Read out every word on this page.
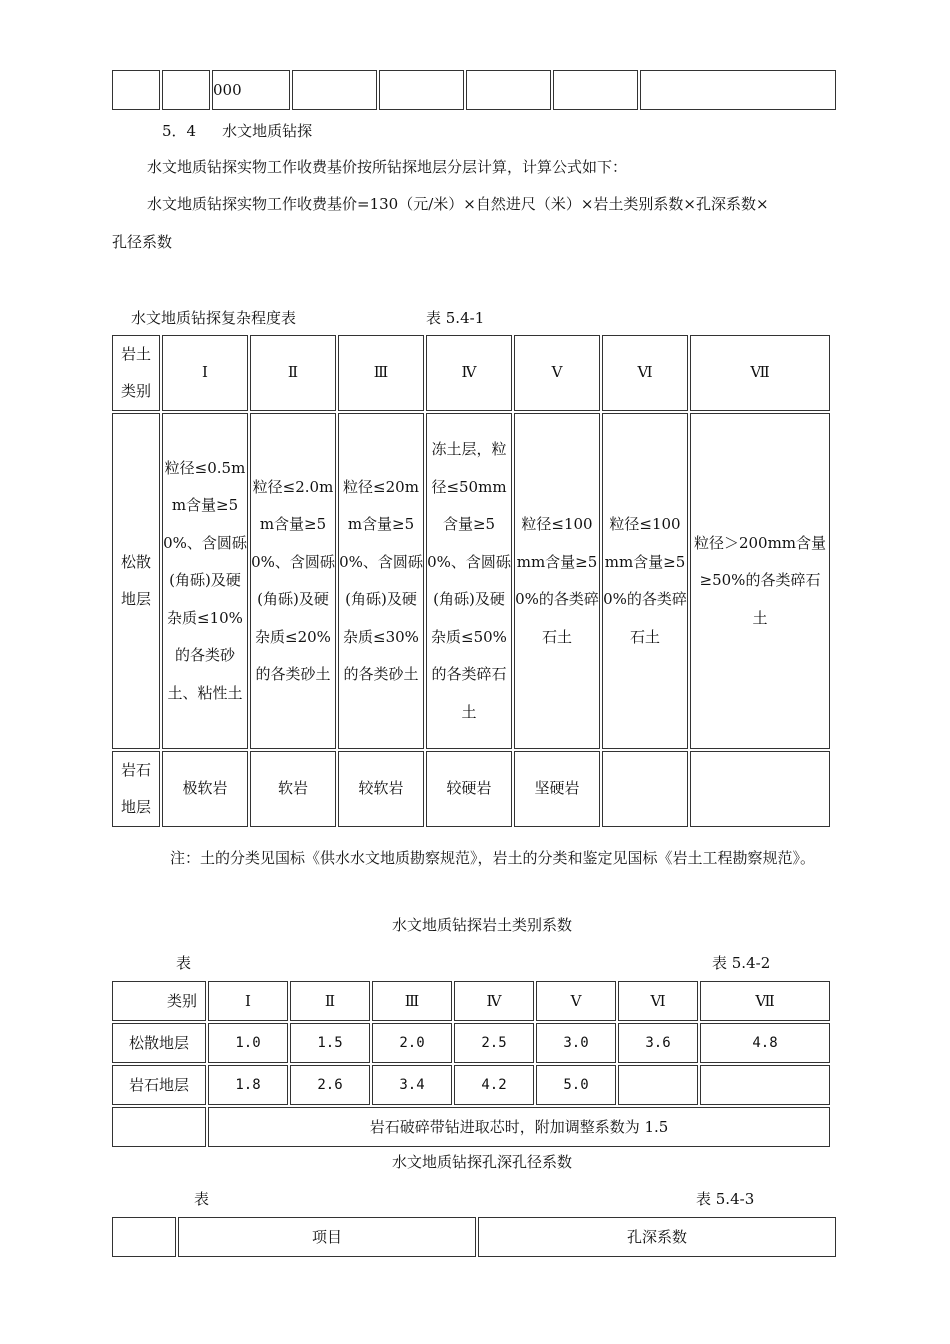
		000					
5．4 水文地质钻探
水文地质钻探实物工作收费基价按所钻探地层分层计算，计算公式如下：
水文地质钻探实物工作收费基价=130（元/米）×自然进尺（米）×岩土类别系数×孔深系数×
孔径系数
水文地质钻探复杂程度表	表 5.4-1
岩土类别	Ⅰ	Ⅱ	Ⅲ	Ⅳ	Ⅴ	Ⅵ	Ⅶ

松散地层	粒径≤0.5mm含量≥50%、含圆砾(角砾)及硬杂质≤10%的各类砂土、粘性土	粒径≤2.0mm含量≥50%、含圆砾(角砾)及硬杂质≤20%的各类砂土	粒径≤20mm含量≥50%、含圆砾(角砾)及硬杂质≤30%的各类砂土	冻土层，粒径≤50mm含量≥50%、含圆砾(角砾)及硬杂质≤50%的各类碎石土	粒径≤100mm含量≥50%的各类碎石土	粒径≤100mm含量≥50%的各类碎石土	粒径＞200mm含量≥50%的各类碎石土

岩石地层	极软岩	软岩	较软岩	较硬岩	坚硬岩		
注：土的分类见国标《供水水文地质勘察规范》，岩土的分类和鉴定见国标《岩土工程勘察规范》。
水文地质钻探岩土类别系数
表	表 5.4-2
类别	Ⅰ	Ⅱ	Ⅲ	Ⅳ	Ⅴ	Ⅵ	Ⅶ
松散地层	1.0	1.5	2.0	2.5	3.0	3.6	4.8
岩石地层	1.8	2.6	3.4	4.2	5.0		
	岩石破碎带钻进取芯时，附加调整系数为 1.5						
水文地质钻探孔深孔径系数
表	表 5.4-3
	项目	孔深系数
